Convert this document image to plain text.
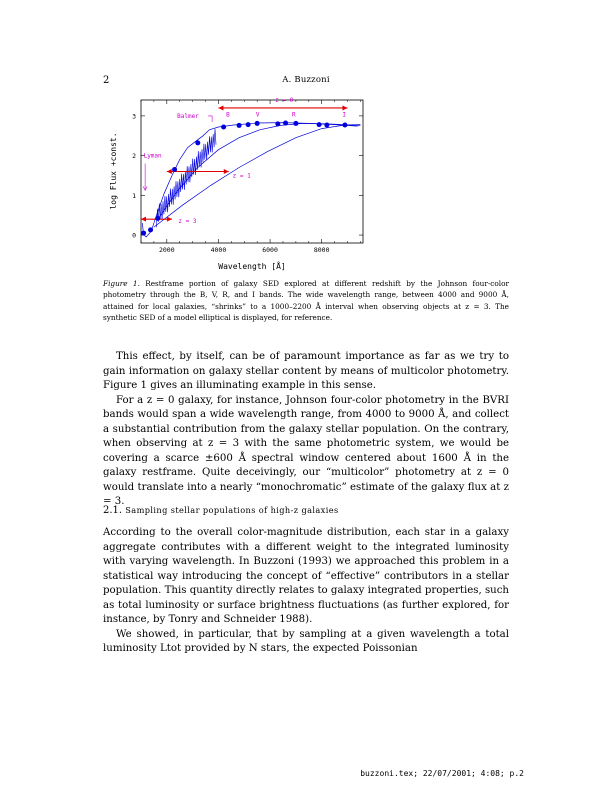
2	A. Buzzoni
2000	4000	6000	8000
0
1
2
3
log Flux +const.
Wavelength [Å]
z = 0
z = 1
z = 3
Balmer
Lyman
B	V	R	I
Figure 1. Restframe portion of galaxy SED explored at different redshift by the Johnson four-color photometry through the B, V, R, and I bands. The wide wavelength range, between 4000 and 9000 Å, attained for local galaxies, “shrinks” to a 1000–2200 Å interval when observing objects at z = 3. The synthetic SED of a model elliptical is displayed, for reference.

This effect, by itself, can be of paramount importance as far as we try to gain information on galaxy stellar content by means of multicolor photometry. Figure 1 gives an illuminating example in this sense.

For a z = 0 galaxy, for instance, Johnson four-color photometry in the BVRI bands would span a wide wavelength range, from 4000 to 9000 Å, and collect a substantial contribution from the galaxy stellar population. On the contrary, when observing at z = 3 with the same photometric system, we would be covering a scarce ±600 Å spectral window centered about 1600 Å in the galaxy restframe. Quite deceivingly, our “multicolor” photometry at z = 0 would translate into a nearly “monochromatic” estimate of the galaxy flux at z = 3.

2.1. Sampling stellar populations of high-z galaxies

According to the overall color-magnitude distribution, each star in a galaxy aggregate contributes with a different weight to the integrated luminosity with varying wavelength. In Buzzoni (1993) we approached this problem in a statistical way introducing the concept of “effective” contributors in a stellar population. This quantity directly relates to galaxy integrated properties, such as total luminosity or surface brightness fluctuations (as further explored, for instance, by Tonry and Schneider 1988).

We showed, in particular, that by sampling at a given wavelength a total luminosity Ltot provided by N stars, the expected Poissonian

buzzoni.tex; 22/07/2001; 4:08; p.2
